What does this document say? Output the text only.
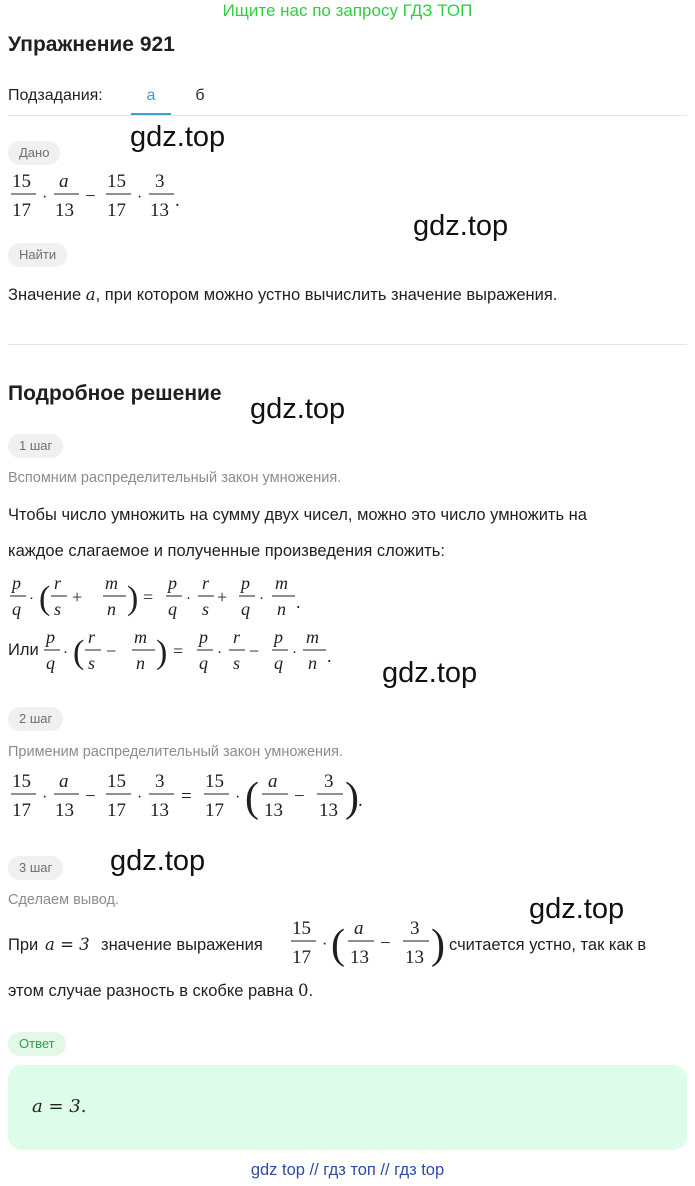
Ищите нас по запросу ГДЗ ТОП
Упражнение 921
Подзадания:	а	б
Дано	gdz.top
15
17
·
a
13
−
15
17
·
3
13 .
gdz.top
Найти
Значение a, при котором можно устно вычислить значение выражения.
Подробное решение gdz.top
1 шаг
Вспомним распределительный закон умножения.
Чтобы число умножить на сумму двух чисел, можно это число умножить на
каждое слагаемое и полученные произведения сложить:
p
q · ( r
s
+
m
n ) =
p
q ·
r
s
+
p
q ·
m
n .
Или
p
q · ( r
s
−
m
n ) =
p
q ·
r
s
−
p
q ·
m
n .
gdz.top
2 шаг
Применим распределительный закон умножения.
15
17
·
a
13
−
15
17
·
3
13
=
15
17
· ( a
13
−
3
13 ) .
3 шаг	gdz.top
Сделаем вывод.	gdz.top
При a = 3 значение выражения
15
17
· ( a
13
−
3
13 ) считается устно, так как в
этом случае разность в скобке равна 0.
Ответ
a = 3.
gdz top // гдз топ // гдз top
